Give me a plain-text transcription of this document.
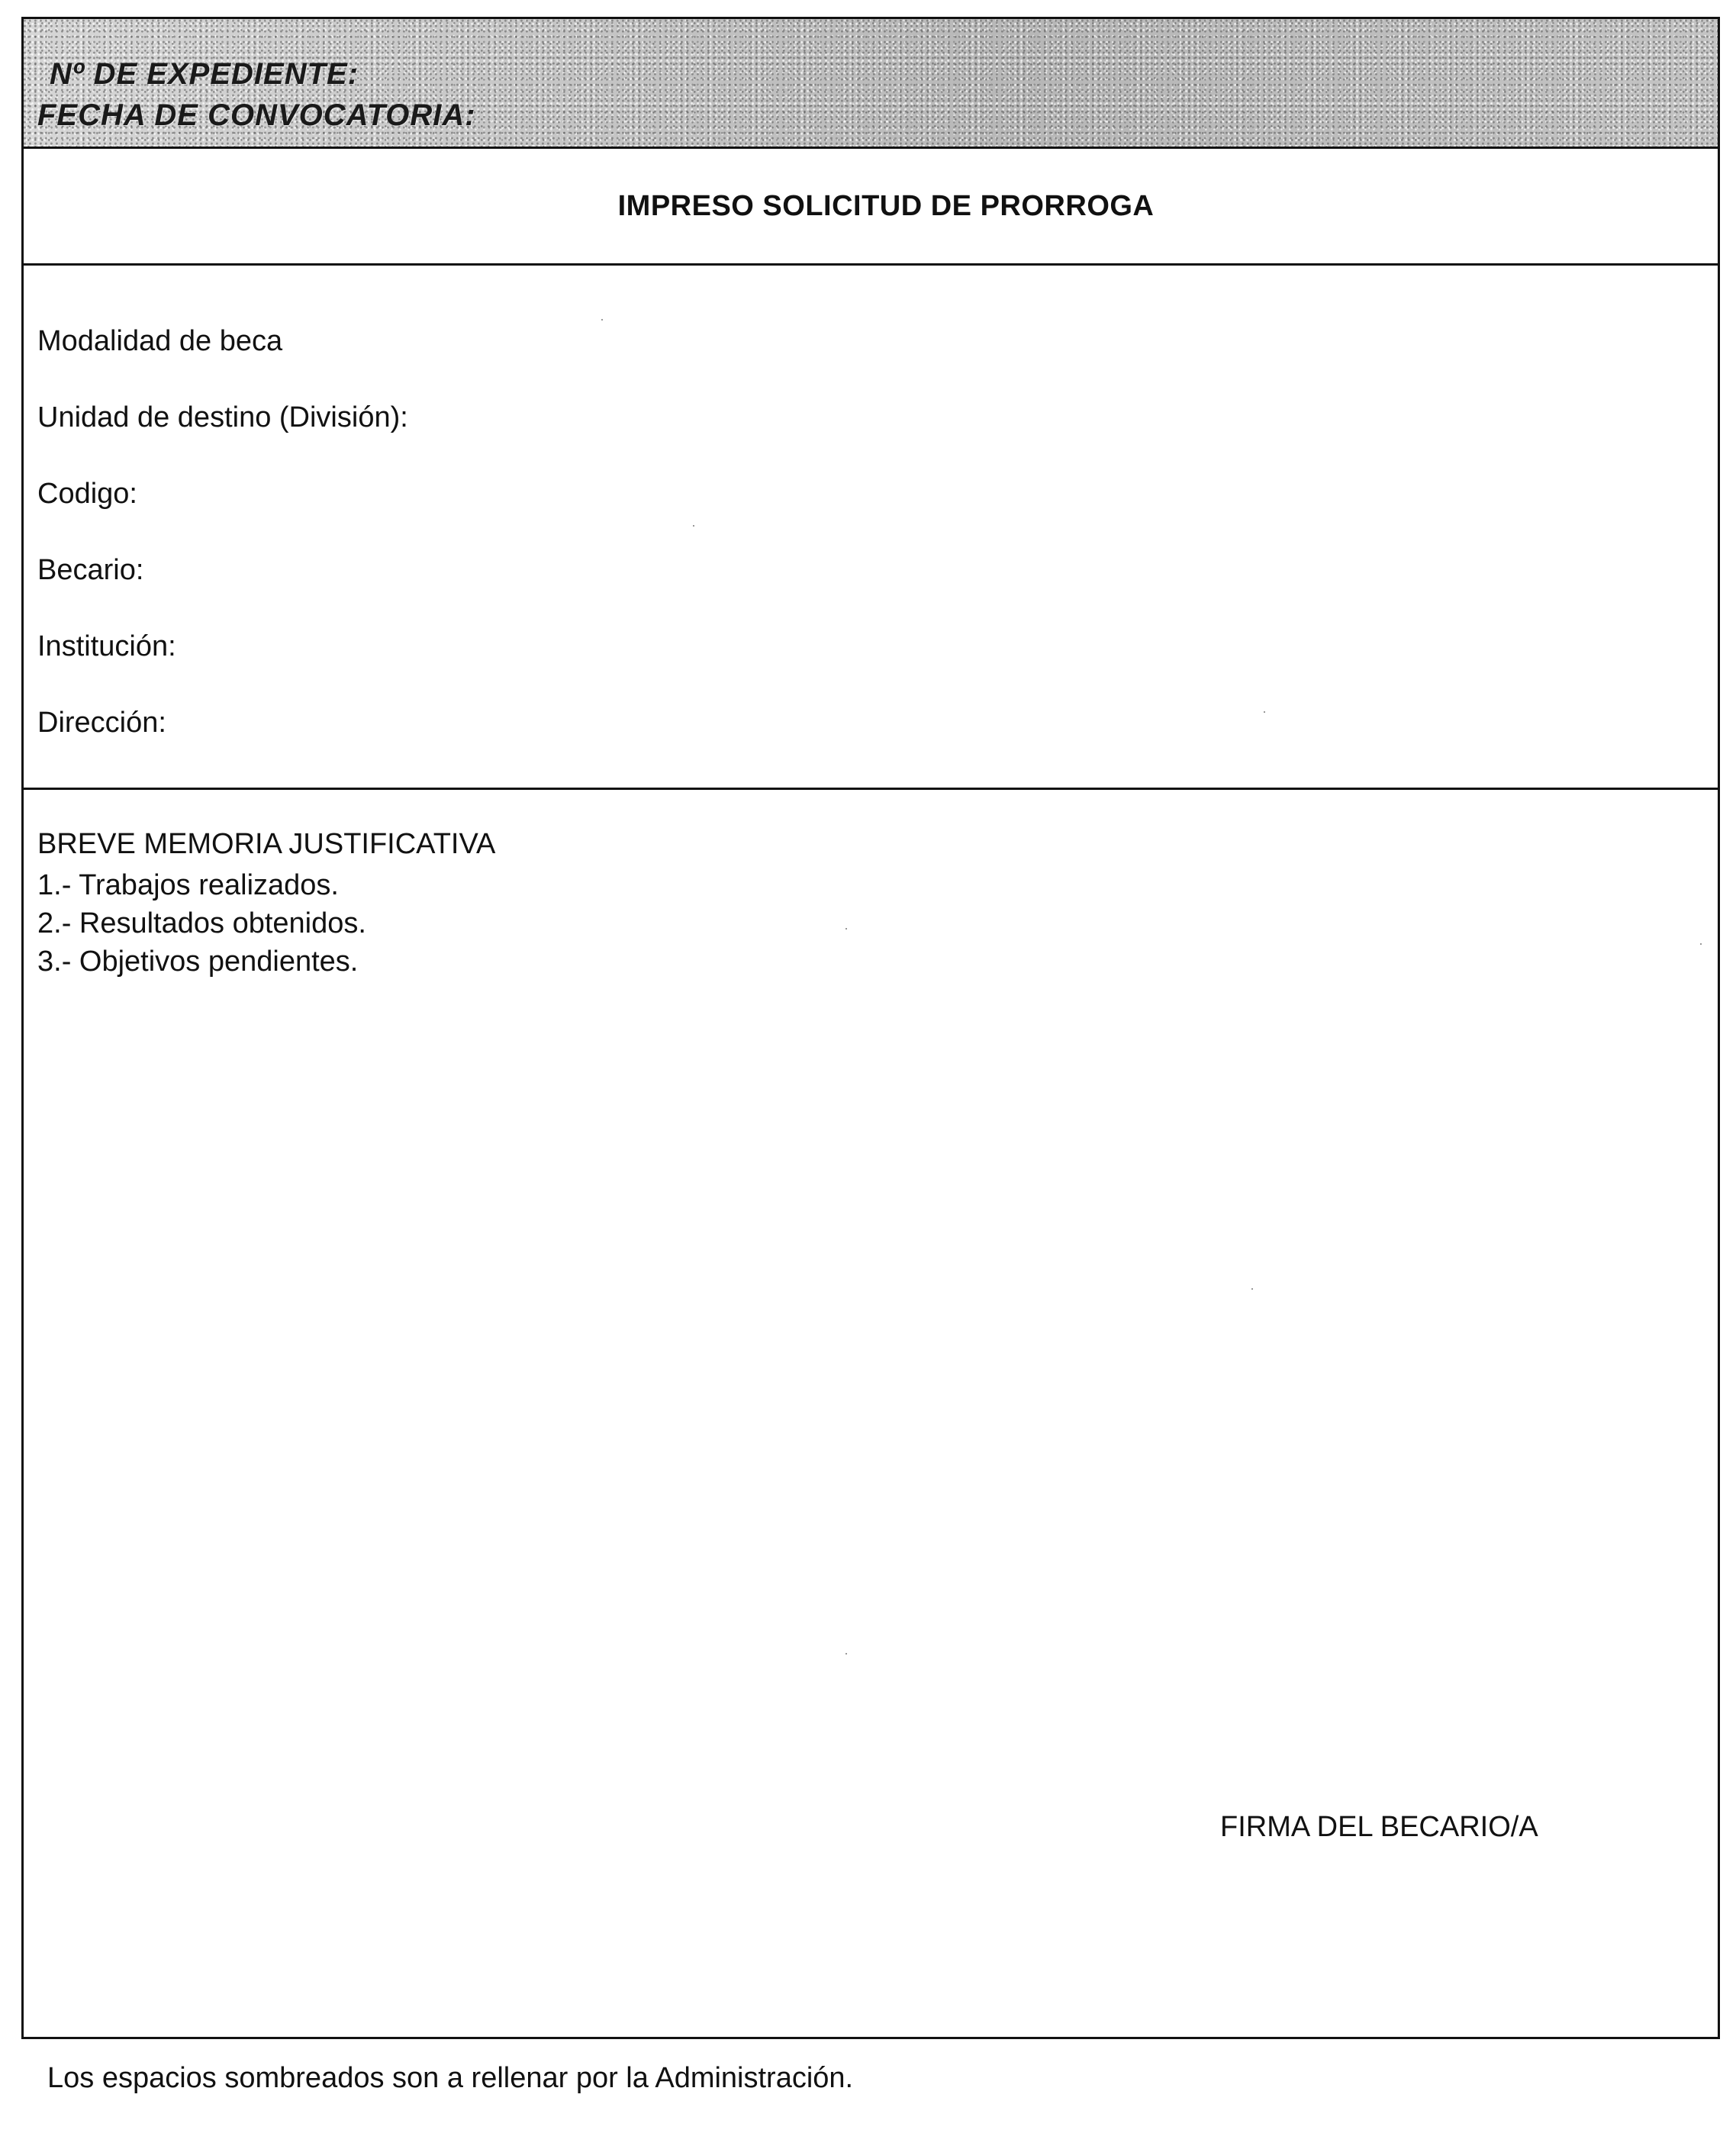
Nº DE EXPEDIENTE:
FECHA DE CONVOCATORIA:
IMPRESO SOLICITUD DE PRORROGA
Modalidad de beca
Unidad de destino (División):
Codigo:
Becario:
Institución:
Dirección:
BREVE MEMORIA JUSTIFICATIVA
1.- Trabajos realizados.
2.- Resultados obtenidos.
3.- Objetivos pendientes.
FIRMA DEL BECARIO/A
Los espacios sombreados son a rellenar por la Administración.
